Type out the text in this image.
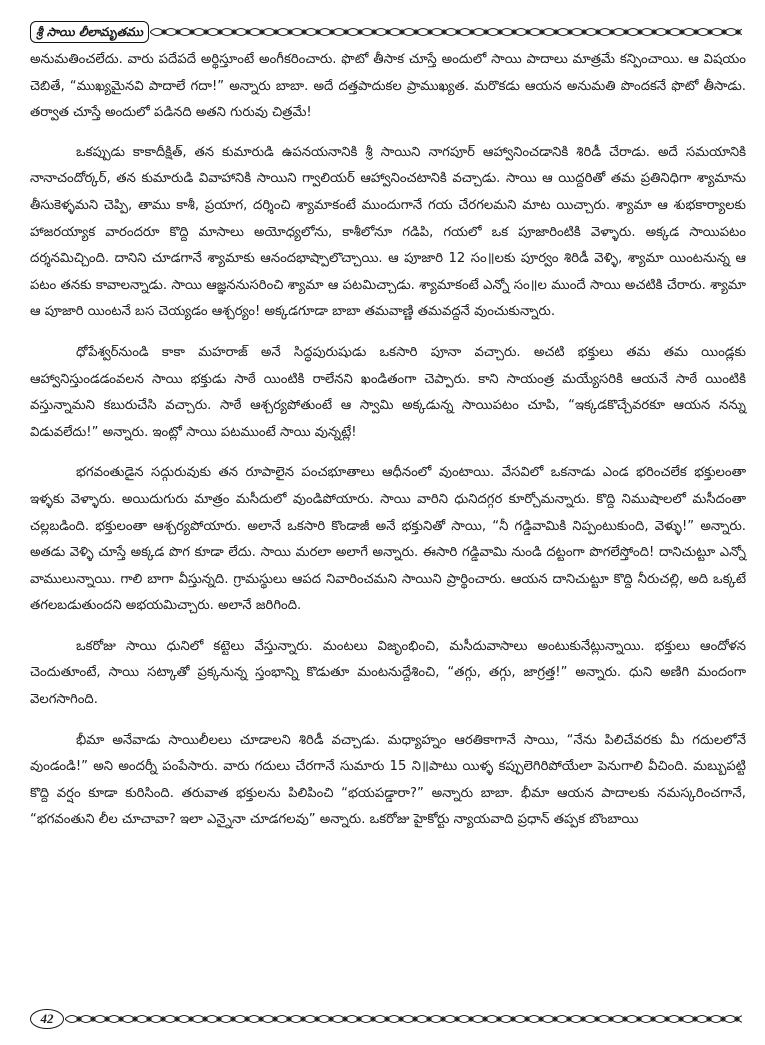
శ్రీ సాయి లీలామృతము

అనుమతించలేదు. వారు పదేపదే అర్థిస్తూంటే అంగీకరించారు. ఫొటో తీసాక చూస్తే అందులో సాయి పాదాలు మాత్రమే కన్పించాయి. ఆ విషయం చెబితే, “ముఖ్యమైనవి పాదాలే గదా!” అన్నారు బాబా. అదే దత్తపాదుకల ప్రాముఖ్యత. మరొకడు ఆయన అనుమతి పొందకనే ఫొటో తీసాడు. తర్వాత చూస్తే అందులో పడినది అతని గురువు చిత్రమే!

ఒకప్పుడు కాకాదీక్షిత్, తన కుమారుడి ఉపనయనానికి శ్రీ సాయిని నాగపూర్ ఆహ్వానించడానికి శిరిడీ చేరాడు. అదే సమయానికి నానాచందోర్కర్, తన కుమారుడి వివాహానికి సాయిని గ్వాలియర్ ఆహ్వానించటానికి వచ్చాడు. సాయి ఆ యిద్దరితో తమ ప్రతినిధిగా శ్యామాను తీసుకెళ్ళమని చెప్పి, తాము కాశీ, ప్రయాగ, దర్శించి శ్యామాకంటే ముందుగానే గయ చేరగలమని మాట యిచ్చారు. శ్యామా ఆ శుభకార్యాలకు హాజరయ్యాక వారందరూ కొద్ది మాసాలు అయోధ్యలోను, కాశీలోనూ గడిపి, గయలో ఒక పూజారింటికి వెళ్ళారు. అక్కడ సాయిపటం దర్శనమిచ్చింది. దానిని చూడగానే శ్యామాకు ఆనందభాష్పాలొచ్చాయి. ఆ పూజారి 12 సం॥లకు పూర్వం శిరిడీ వెళ్ళి, శ్యామా యింటనున్న ఆ పటం తనకు కావాలన్నాడు. సాయి ఆజ్ఞననుసరించి శ్యామా ఆ పటమిచ్చాడు. శ్యామాకంటే ఎన్నో సం॥ల ముందే సాయి అచటికి చేరారు. శ్యామా ఆ పూజారి యింటనే బస చెయ్యడం ఆశ్చర్యం! అక్కడగూడా బాబా తమవాణ్ణి తమవద్దనే వుంచుకున్నారు.

ధోపేశ్వర్‌నుండి కాకా మహరాజ్ అనే సిద్ధపురుషుడు ఒకసారి పూనా వచ్చారు. అచటి భక్తులు తమ తమ యిండ్లకు ఆహ్వానిస్తుండడంవలన సాయి భక్తుడు సాఠే యింటికి రాలేనని ఖండితంగా చెప్పారు. కాని సాయంత్ర మయ్యేసరికి ఆయనే సాఠే యింటికి వస్తున్నామని కబురుచేసి వచ్చారు. సాఠే ఆశ్చర్యపోతుంటే ఆ స్వామి అక్కడున్న సాయిపటం చూపి, “ఇక్కడకొచ్చేవరకూ ఆయన నన్ను విడువలేదు!” అన్నారు. ఇంట్లో సాయి పటముంటే సాయి వున్నట్లే!

భగవంతుడైన సద్గురువుకు తన రూపాలైన పంచభూతాలు ఆధీనంలో వుంటాయి. వేసవిలో ఒకనాడు ఎండ భరించలేక భక్తులంతా ఇళ్ళకు వెళ్ళారు. అయిదుగురు మాత్రం మసీదులో వుండిపోయారు. సాయి వారిని ధునిదగ్గర కూర్చోమన్నారు. కొద్ది నిముషాలలో మసీదంతా చల్లబడింది. భక్తులంతా ఆశ్చర్యపోయారు. అలానే ఒకసారి కొండాజీ అనే భక్తునితో సాయి, “నీ గడ్డివామికి నిప్పంటుకుంది, వెళ్ళు!” అన్నారు. అతడు వెళ్ళి చూస్తే అక్కడ పొగ కూడా లేదు. సాయి మరలా అలాగే అన్నారు. ఈసారి గడ్డివామి నుండి దట్టంగా పొగలేస్తోంది! దానిచుట్టూ ఎన్నో వాములున్నాయి. గాలి బాగా వీస్తున్నది. గ్రామస్థులు ఆపద నివారించమని సాయిని ప్రార్థించారు. ఆయన దానిచుట్టూ కొద్ది నీరుచల్లి, అది ఒక్కటే తగలబడుతుందని అభయమిచ్చారు. అలానే జరిగింది.

ఒకరోజు సాయి ధునిలో కట్టెలు వేస్తున్నారు. మంటలు విజృంభించి, మసీదువాసాలు అంటుకునేట్లున్నాయి. భక్తులు ఆందోళన చెందుతూంటే, సాయి సట్కాతో ప్రక్కనున్న స్తంభాన్ని కొడుతూ మంటనుద్దేశించి, “తగ్గు, తగ్గు, జాగ్రత్త!” అన్నారు. ధుని అణిగి మందంగా వెలగసాగింది.

భీమా అనేవాడు సాయిలీలలు చూడాలని శిరిడీ వచ్చాడు. మధ్యాహ్నం ఆరతికాగానే సాయి, “నేను పిలిచేవరకు మీ గదులలోనే వుండండి!” అని అందర్నీ పంపేసారు. వారు గదులు చేరగానే సుమారు 15 ని॥పాటు యిళ్ళ కప్పులెగిరిపోయేలా పెనుగాలి వీచింది. మబ్బుపట్టి కొద్ది వర్షం కూడా కురిసింది. తరువాత భక్తులను పిలిపించి “భయపడ్డారా?” అన్నారు బాబా. భీమా ఆయన పాదాలకు నమస్కరించగానే, “భగవంతుని లీల చూచావా? ఇలా ఎన్నైనా చూడగలవు” అన్నారు. ఒకరోజు హైకోర్టు న్యాయవాది ప్రధాన్ తప్పక బొంబాయి

42
